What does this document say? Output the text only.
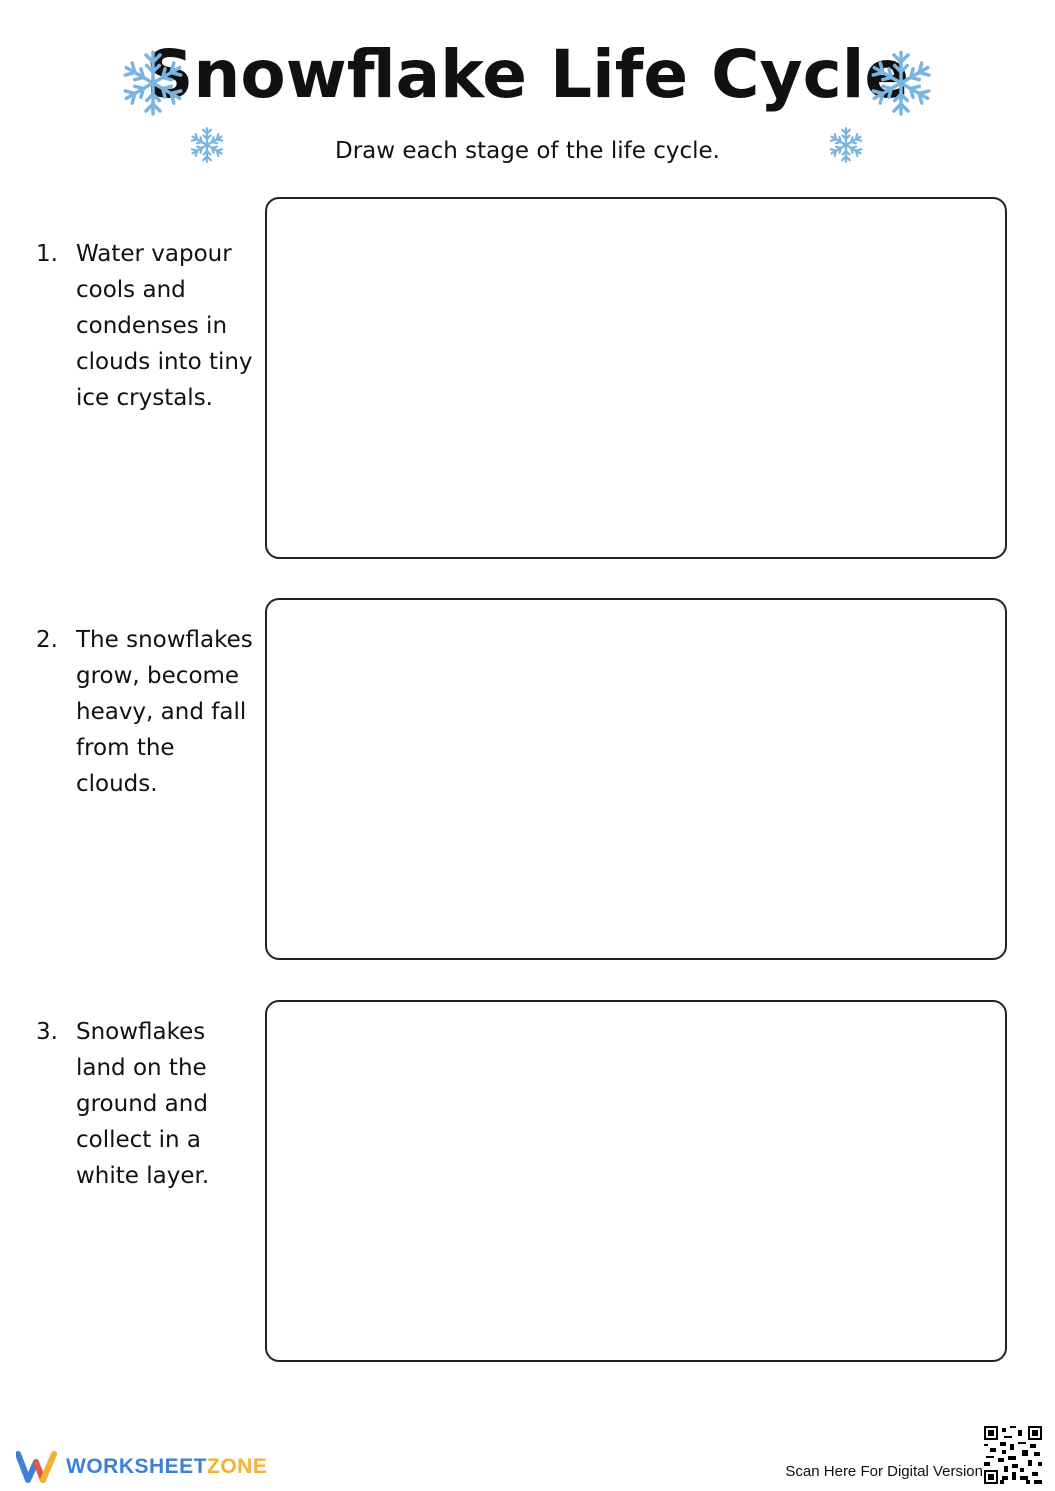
Snowflake Life Cycle

Draw each stage of the life cycle.

1. Water vapour cools and condenses in clouds into tiny ice crystals.
2. The snowflakes grow, become heavy, and fall from the clouds.
3. Snowflakes land on the ground and collect in a white layer.
WORKSHEETZONE	Scan Here For Digital Version
